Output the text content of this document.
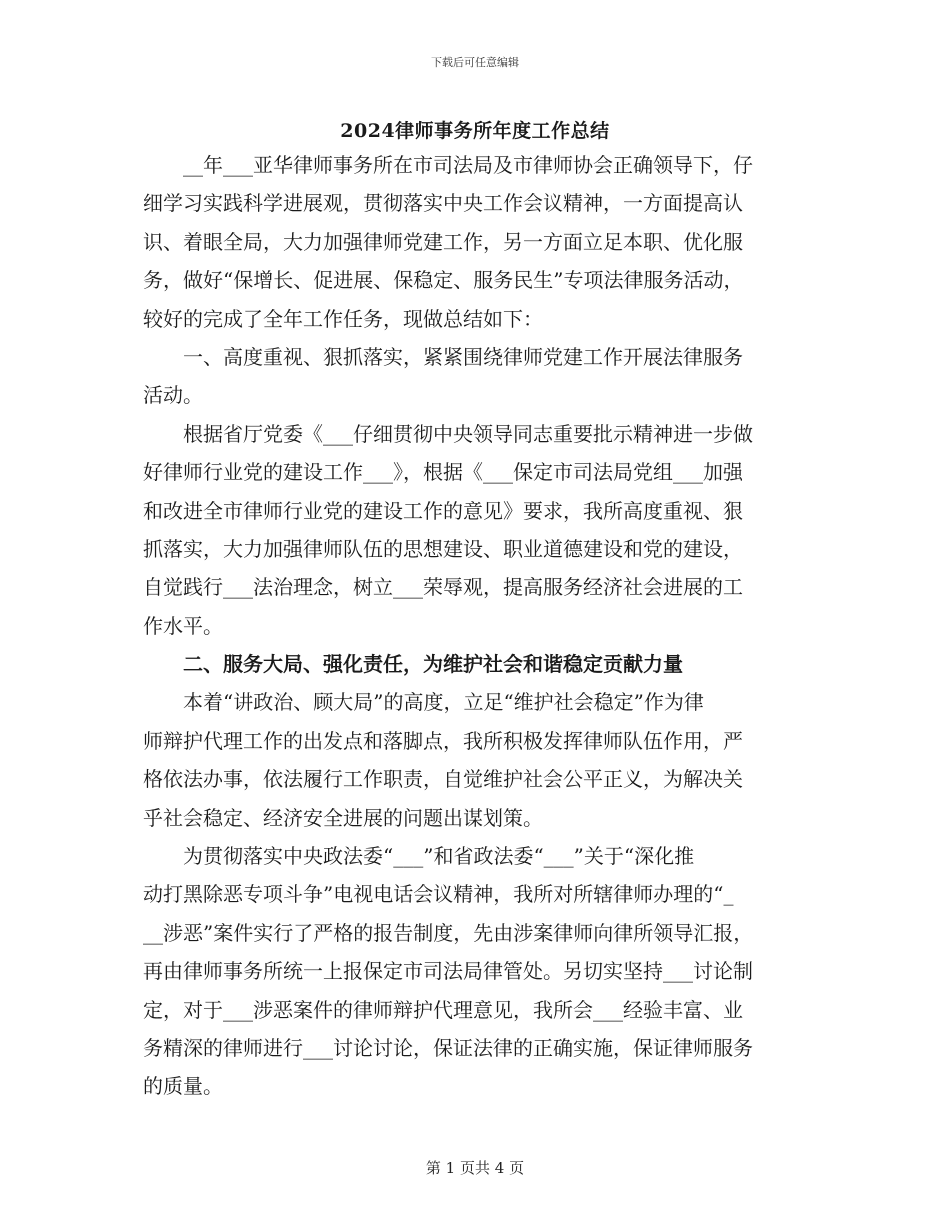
下载后可任意编辑
2024律师事务所年度工作总结
__年___亚华律师事务所在市司法局及市律师协会正确领导下，仔
细学习实践科学进展观，贯彻落实中央工作会议精神，一方面提高认
识、着眼全局，大力加强律师党建工作，另一方面立足本职、优化服
务，做好“保增长、促进展、保稳定、服务民生”专项法律服务活动，
较好的完成了全年工作任务，现做总结如下：
一、高度重视、狠抓落实，紧紧围绕律师党建工作开展法律服务
活动。
根据省厅党委《___仔细贯彻中央领导同志重要批示精神进一步做
好律师行业党的建设工作___》，根据《___保定市司法局党组___加强
和改进全市律师行业党的建设工作的意见》要求，我所高度重视、狠
抓落实，大力加强律师队伍的思想建设、职业道德建设和党的建设，
自觉践行___法治理念，树立___荣辱观，提高服务经济社会进展的工
作水平。
二、服务大局、强化责任，为维护社会和谐稳定贡献力量
本着“讲政治、顾大局”的高度，立足“维护社会稳定”作为律
师辩护代理工作的出发点和落脚点，我所积极发挥律师队伍作用，严
格依法办事，依法履行工作职责，自觉维护社会公平正义，为解决关
乎社会稳定、经济安全进展的问题出谋划策。
为贯彻落实中央政法委“___”和省政法委“___”关于“深化推
动打黑除恶专项斗争”电视电话会议精神，我所对所辖律师办理的“_
__涉恶”案件实行了严格的报告制度，先由涉案律师向律所领导汇报，
再由律师事务所统一上报保定市司法局律管处。另切实坚持___讨论制
定，对于___涉恶案件的律师辩护代理意见，我所会___经验丰富、业
务精深的律师进行___讨论讨论，保证法律的正确实施，保证律师服务
的质量。
第 1 页共 4 页
